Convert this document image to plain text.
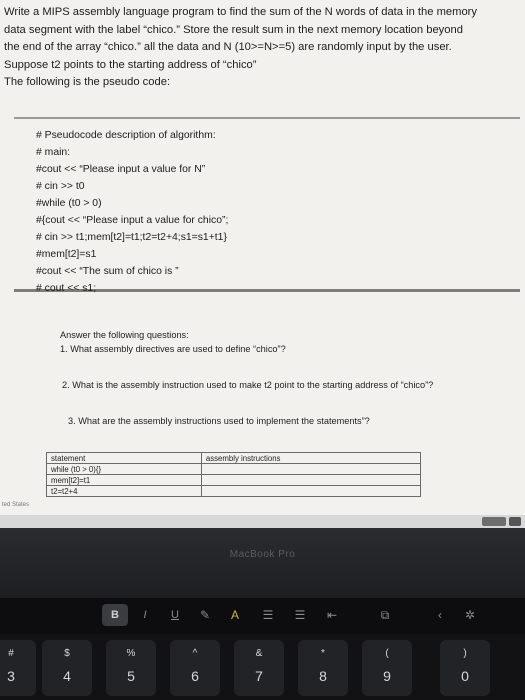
Write a MIPS assembly language program to find the sum of the N words of data in the memory

data segment with the label “chico.” Store the result sum in the next memory location beyond

the end of the array “chico.” all the data and N (10>=N>=5) are randomly input by the user.

Suppose t2 points to the starting address of “chico”

The following is the pseudo code:

# Pseudocode description of algorithm:
# main:
#cout << “Please input a value for N”
# cin >> t0
#while (t0 > 0)
#{cout << “Please input a value for chico”;
# cin >> t1;mem[t2]=t1;t2=t2+4;s1=s1+t1}
#mem[t2]=s1
#cout << “The sum of chico is ”
# cout << s1;

Answer the following questions:

1. What assembly directives are used to define “chico”?

2. What is the assembly instruction used to make t2 point to the starting address of “chico”?

3. What are the assembly instructions used to implement the statements”?

statement	assembly instructions
while (t0 > 0){}	
mem[t2]=t1	
t2=t2+4	
ted States
MacBook Pro
B	I	U	✎	A	☰	☰	⇤	⧉	‹	✲
#
3
$
4
%
5
^
6
&
7
*
8
(
9
)
0
